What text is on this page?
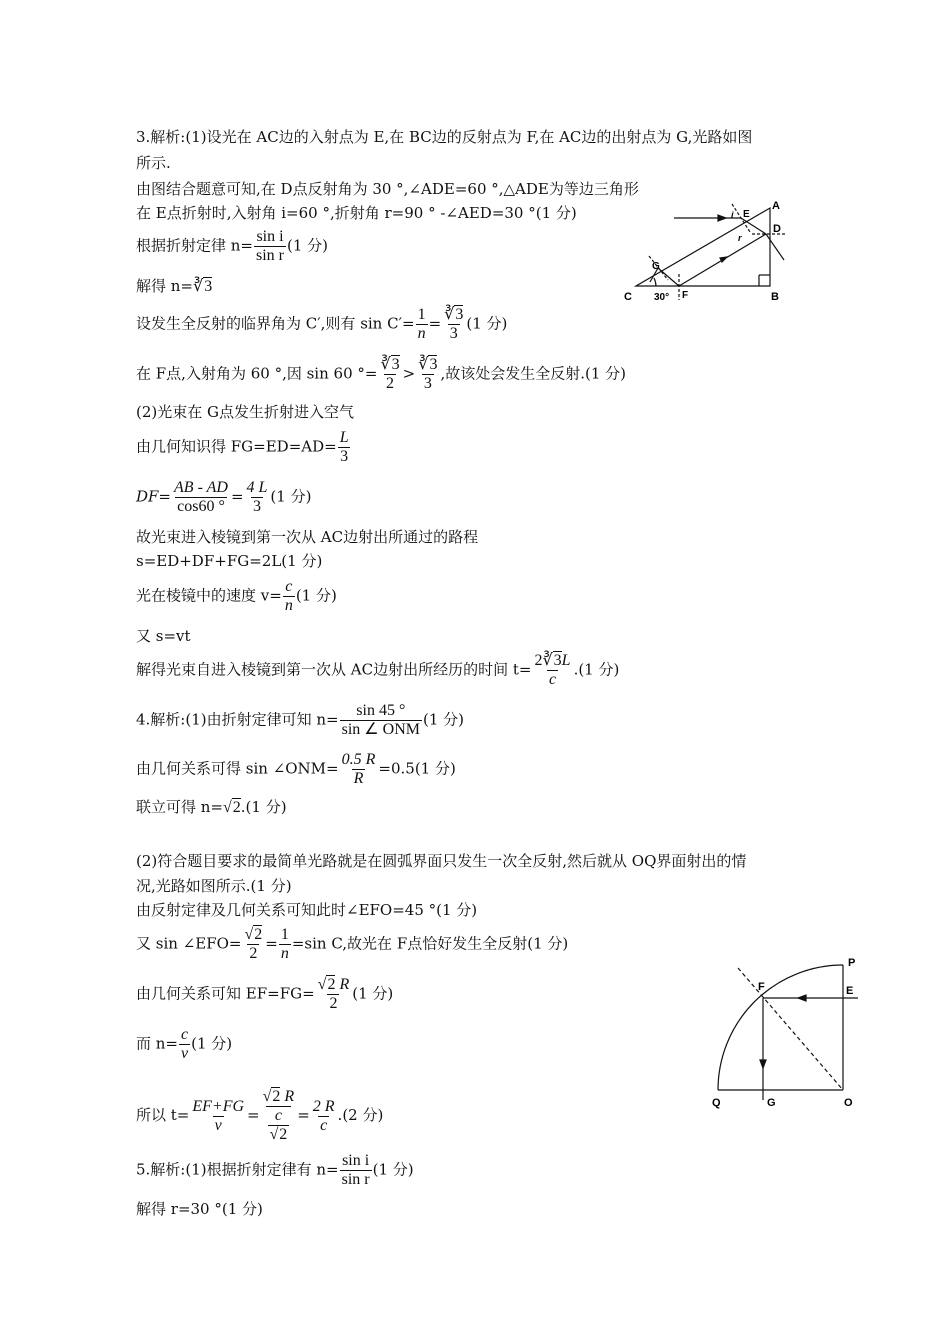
3.解析:(1)设光在 AC边的入射点为 E,在 BC边的反射点为 F,在 AC边的出射点为 G,光路如图
所示.
由图结合题意可知,在 D点反射角为 30 °,∠ADE=60 °,△ADE为等边三角形
在 E点折射时,入射角 i=60 °,折射角 r=90 ° -∠AED=30 °(1 分)
根据折射定律 $n= \frac{\text{sin i}}{\text{sin r}} (1$ 分)
解得 n=∛3
设发生全反射的临界角为 C′,则有 $\sin C'= \frac{1}{n} = \frac{∛3}{3} (1$ 分)
在 F点,入射角为 60 °,因 sin 60 °= $\frac{∛3}{2} > \frac{∛3}{3}$ ,故该处会发生全反射.(1 分)
(2)光束在 G点发生折射进入空气
由几何知识得 $FG=ED=AD= \frac{L}{3}$
$DF= \frac{AB - AD}{\cos 60 ^\circ} = \frac{4 L}{3} (1$ 分)
故光束进入棱镜到第一次从 AC边射出所通过的路程
s=ED+DF+FG=2L(1 分)
光在棱镜中的速度 $v= \frac{c}{n} (1$ 分)
又 s=vt
解得光束自进入棱镜到第一次从 AC边射出所经历的时间 $t= \frac{2∛3L}{c} .(1$ 分)
4.解析:(1)由折射定律可知 $n= \frac{\sin 45 ^\circ}{\text{sin ∠ ONM}} (1$ 分)
由几何关系可得 sin ∠ONM= $\frac{0.5 R}{R} =0.5(1$ 分)
联立可得 n=√2.(1 分)
(2)符合题目要求的最简单光路就是在圆弧界面只发生一次全反射,然后就从 OQ界面射出的情
况,光路如图所示.(1 分)
由反射定律及几何关系可知此时∠EFO=45 °(1 分)
又 sin ∠EFO= $\frac{√2}{2} = \frac{1}{n} =\sin$ C,故光在 F点恰好发生全反射(1 分)
由几何关系可知 $EF=FG= \frac{√2 R}{2} (1$ 分)
而 $n= \frac{c}{v} (1$ 分)
所以 $t= \frac{EF+FG}{v} = \frac{√2 R}{\frac{c}{√2}} = \frac{2 R}{c} .(2$ 分)
5.解析:(1)根据折射定律有 $n= \frac{\text{sin i}}{\text{sin r}} (1$ 分)
解得 r=30 °(1 分)
A
B
C
D
E
F
G
i
r
30°
P
F	E
Q	G	O
